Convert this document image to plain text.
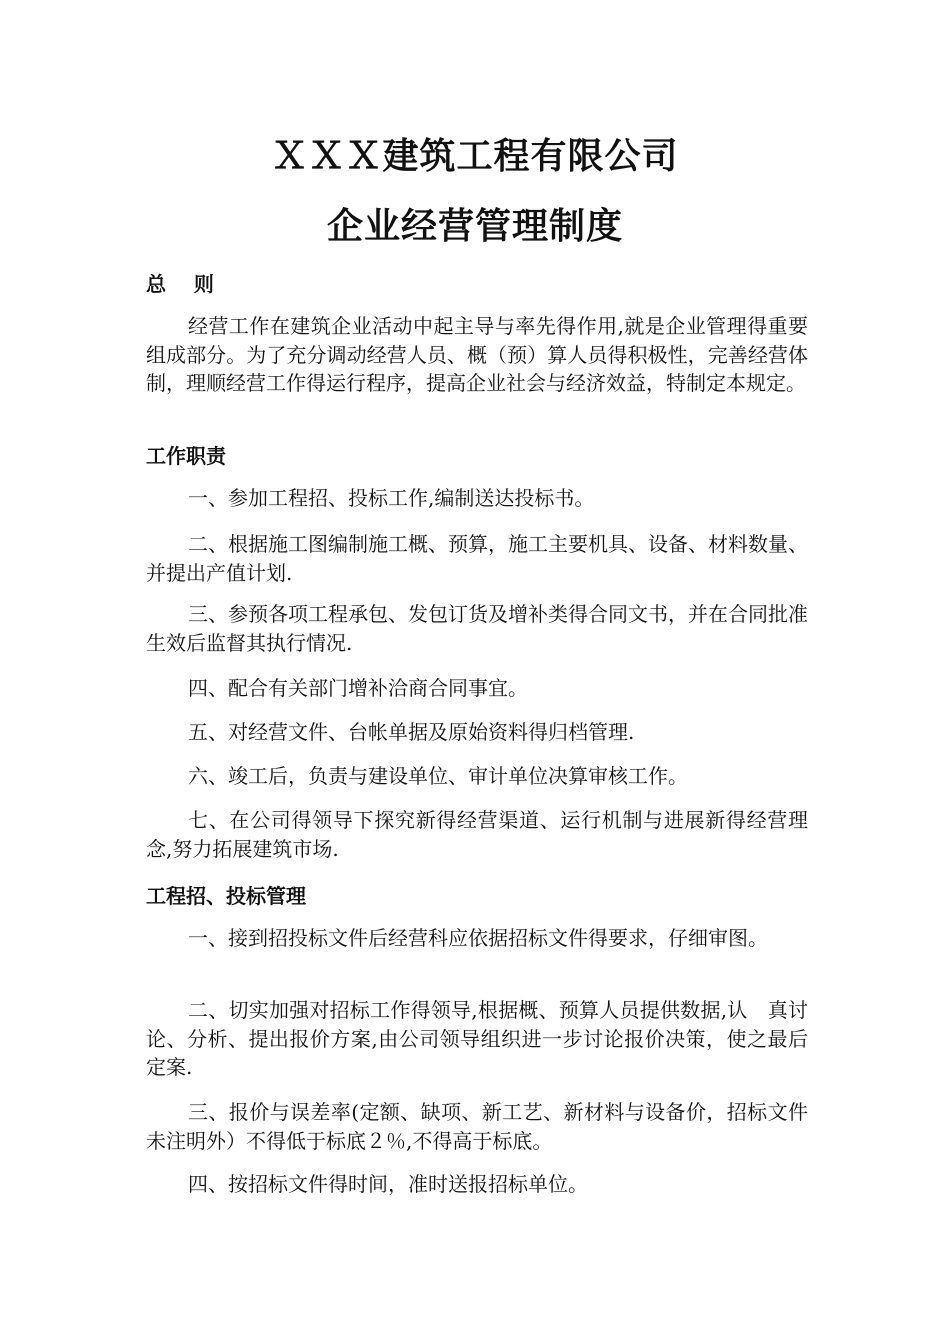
ＸＸＸ建筑工程有限公司
企业经营管理制度
总    则
经营工作在建筑企业活动中起主导与率先得作用,就是企业管理得重要组成部分。为了充分调动经营人员、概（预）算人员得积极性，完善经营体制，理顺经营工作得运行程序，提高企业社会与经济效益，特制定本规定。
工作职责
一、参加工程招、投标工作,编制送达投标书。
二、根据施工图编制施工概、预算，施工主要机具、设备、材料数量、并提出产值计划.
三、参预各项工程承包、发包订货及增补类得合同文书，并在合同批准生效后监督其执行情况.
四、配合有关部门增补洽商合同事宜。
五、对经营文件、台帐单据及原始资料得归档管理.
六、竣工后，负责与建设单位、审计单位决算审核工作。
七、在公司得领导下探究新得经营渠道、运行机制与进展新得经营理念,努力拓展建筑市场.
工程招、投标管理
一、接到招投标文件后经营科应依据招标文件得要求，仔细审图。
二、切实加强对招标工作得领导,根据概、预算人员提供数据,认　真讨论、分析、提出报价方案,由公司领导组织进一步讨论报价决策，使之最后定案.
三、报价与误差率(定额、缺项、新工艺、新材料与设备价，招标文件未注明外）不得低于标底２％,不得高于标底。
四、按招标文件得时间，准时送报招标单位。
